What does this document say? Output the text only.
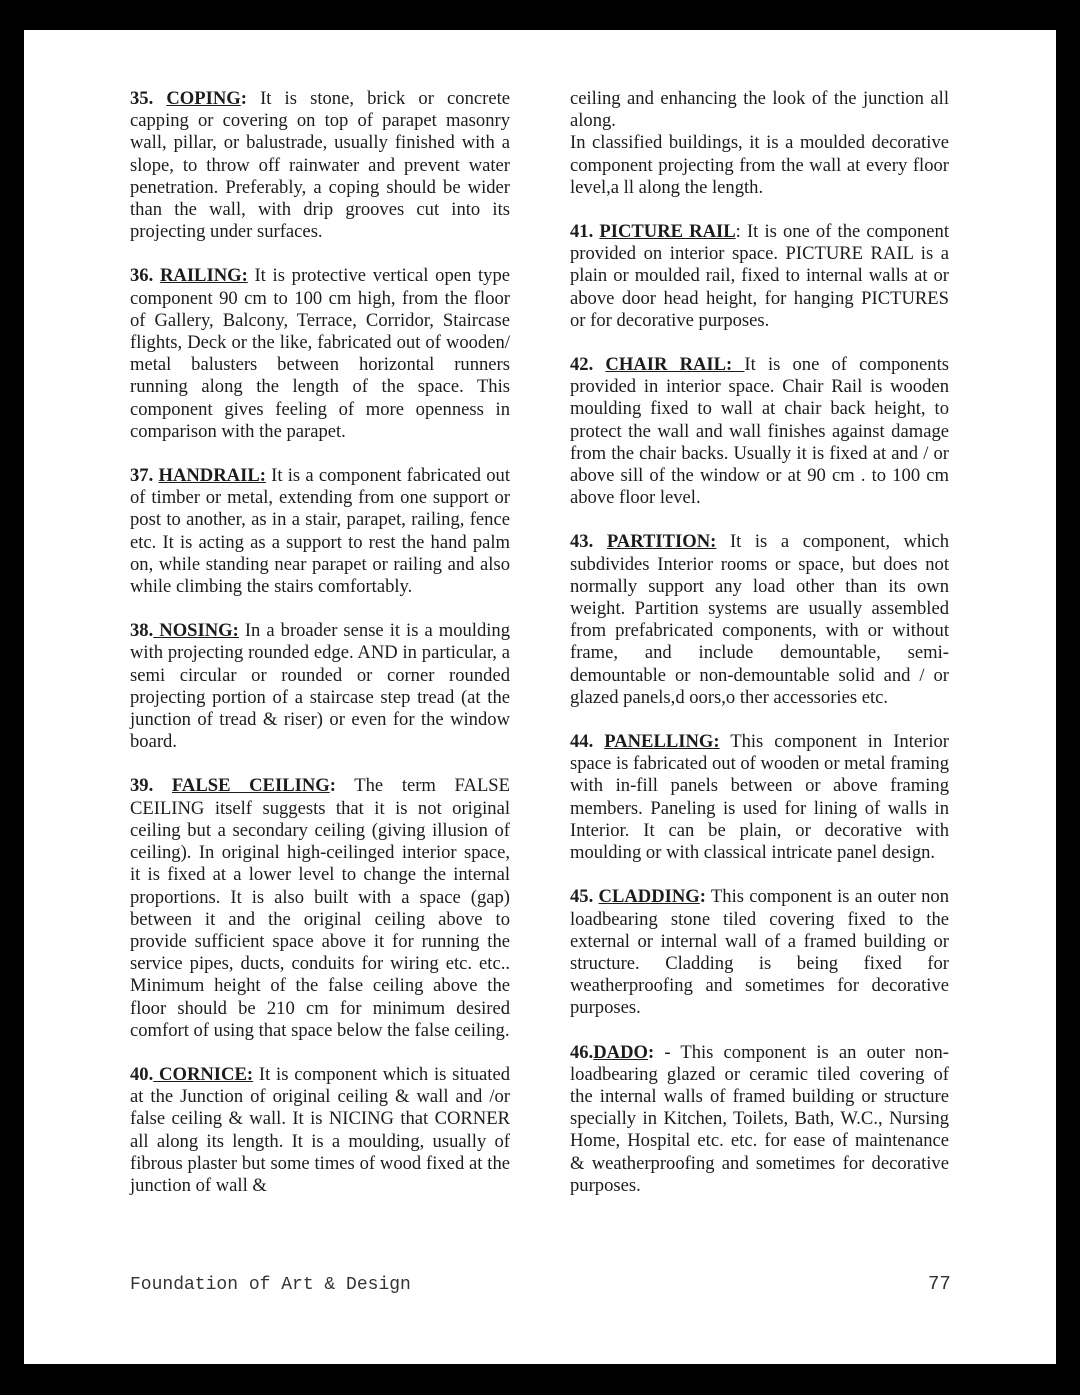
35. COPING: It is stone, brick or concrete capping or covering on top of parapet masonry wall, pillar, or balustrade, usually finished with a slope, to throw off rainwater and prevent water penetration. Preferably, a coping should be wider than the wall, with drip grooves cut into its projecting under surfaces.

36. RAILING: It is protective vertical open type component 90 cm to 100 cm high, from the floor of Gallery, Balcony, Terrace, Corridor, Staircase flights, Deck or the like, fabricated out of wooden/ metal balusters between horizontal runners running along the length of the space. This component gives feeling of more openness in comparison with the parapet.

37. HANDRAIL: It is a component fabricated out of timber or metal, extending from one support or post to another, as in a stair, parapet, railing, fence etc. It is acting as a support to rest the hand palm on, while standing near parapet or railing and also while climbing the stairs comfortably.

38. NOSING: In a broader sense it is a moulding with projecting rounded edge. AND in particular, a semi circular or rounded or corner rounded projecting portion of a staircase step tread (at the junction of tread & riser) or even for the window board.

39. FALSE CEILING: The term FALSE CEILING itself suggests that it is not original ceiling but a secondary ceiling (giving illusion of ceiling). In original high-ceilinged interior space, it is fixed at a lower level to change the internal proportions. It is also built with a space (gap) between it and the original ceiling above to provide sufficient space above it for running the service pipes, ducts, conduits for wiring etc. etc.. Minimum height of the false ceiling above the floor should be 210 cm for minimum desired comfort of using that space below the false ceiling.

40. CORNICE: It is component which is situated at the Junction of original ceiling & wall and /or false ceiling & wall. It is NICING that CORNER all along its length. It is a moulding, usually of fibrous plaster but some times of wood fixed at the junction of wall &

ceiling and enhancing the look of the junction all along.

In classified buildings, it is a moulded decorative component projecting from the wall at every floor level,a ll along the length.

41. PICTURE RAIL: It is one of the component provided on interior space. PICTURE RAIL is a plain or moulded rail, fixed to internal walls at or above door head height, for hanging PICTURES or for decorative purposes.

42. CHAIR RAIL: It is one of components provided in interior space. Chair Rail is wooden moulding fixed to wall at chair back height, to protect the wall and wall finishes against damage from the chair backs. Usually it is fixed at and / or above sill of the window or at 90 cm . to 100 cm above floor level.

43. PARTITION: It is a component, which subdivides Interior rooms or space, but does not normally support any load other than its own weight. Partition systems are usually assembled from prefabricated components, with or without frame, and include demountable, semi-demountable or non-demountable solid and / or glazed panels,d oors,o ther accessories etc.

44. PANELLING: This component in Interior space is fabricated out of wooden or metal framing with in-fill panels between or above framing members. Paneling is used for lining of walls in Interior. It can be plain, or decorative with moulding or with classical intricate panel design.

45. CLADDING: This component is an outer non loadbearing stone tiled covering fixed to the external or internal wall of a framed building or structure. Cladding is being fixed for weatherproofing and sometimes for decorative purposes.

46.DADO: - This component is an outer non-loadbearing glazed or ceramic tiled covering of the internal walls of framed building or structure specially in Kitchen, Toilets, Bath, W.C., Nursing Home, Hospital etc. etc. for ease of maintenance & weatherproofing and sometimes for decorative purposes.

Foundation of Art & Design	77
